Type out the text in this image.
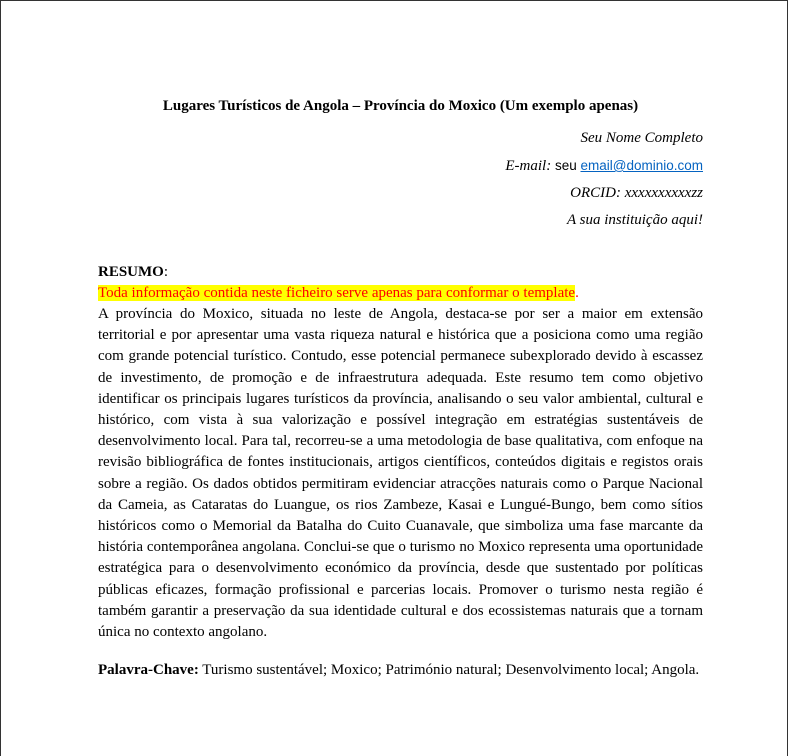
Lugares Turísticos de Angola – Província do Moxico (Um exemplo apenas)
Seu Nome Completo
E-mail: seu email@dominio.com
ORCID: xxxxxxxxxxzz
A sua instituição aqui!
RESUMO:
Toda informação contida neste ficheiro serve apenas para conformar o template.

A província do Moxico, situada no leste de Angola, destaca-se por ser a maior em extensão territorial e por apresentar uma vasta riqueza natural e histórica que a posiciona como uma região com grande potencial turístico. Contudo, esse potencial permanece subexplorado devido à escassez de investimento, de promoção e de infraestrutura adequada. Este resumo tem como objetivo identificar os principais lugares turísticos da província, analisando o seu valor ambiental, cultural e histórico, com vista à sua valorização e possível integração em estratégias sustentáveis de desenvolvimento local. Para tal, recorreu-se a uma metodologia de base qualitativa, com enfoque na revisão bibliográfica de fontes institucionais, artigos científicos, conteúdos digitais e registos orais sobre a região. Os dados obtidos permitiram evidenciar atracções naturais como o Parque Nacional da Cameia, as Cataratas do Luangue, os rios Zambeze, Kasai e Lungué-Bungo, bem como sítios históricos como o Memorial da Batalha do Cuito Cuanavale, que simboliza uma fase marcante da história contemporânea angolana. Conclui-se que o turismo no Moxico representa uma oportunidade estratégica para o desenvolvimento económico da província, desde que sustentado por políticas públicas eficazes, formação profissional e parcerias locais. Promover o turismo nesta região é também garantir a preservação da sua identidade cultural e dos ecossistemas naturais que a tornam única no contexto angolano.

Palavra-Chave: Turismo sustentável; Moxico; Património natural; Desenvolvimento local; Angola.
